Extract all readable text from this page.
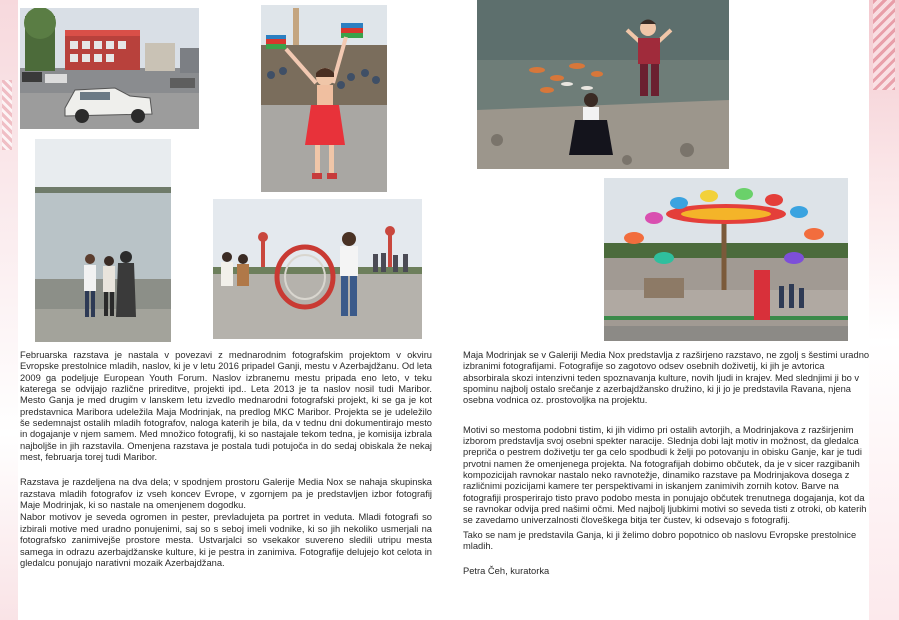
Februarska razstava je nastala v povezavi z mednarodnim fotografskim projektom v okviru Evropske prestolnice mladih, naslov, ki je v letu 2016 pripadel Ganji, mestu v Azerbajdžanu. Od leta 2009 ga podeljuje European Youth Forum. Naslov izbranemu mestu pripada eno leto, v teku katerega se odvijajo različne prireditve, projekti ipd.. Leta 2013 je ta naslov nosil tudi Maribor. Mesto Ganja je med drugim v lanskem letu izvedlo mednarodni fotografski projekt, ki se ga je kot predstavnica Maribora udeležila Maja Modrinjak, na predlog MKC Maribor. Projekta se je udeležilo še sedemnajst ostalih mladih fotografov, naloga katerih je bila, da v tednu dni dokumentirajo mesto in dogajanje v njem samem. Med množico fotografij, ki so nastajale tekom tedna, je komisija izbrala najboljše in jih razstavila. Omenjena razstava je postala tudi potujoča in do sedaj obiskala že nekaj mest, februarja torej tudi Maribor.

Razstava je razdeljena na dva dela; v spodnjem prostoru Galerije Media Nox se nahaja skupinska razstava mladih fotografov iz vseh koncev Evrope, v zgornjem pa je predstavljen izbor fotografij Maje Modrinjak, ki so nastale na omenjenem dogodku.

Nabor motivov je seveda ogromen in pester, prevladujeta pa portret in veduta. Mladi fotografi so izbirali motive med uradno ponujenimi, saj so s seboj imeli vodnike, ki so jih nekoliko usmerjali na fotografsko zanimivejše prostore mesta. Ustvarjalci so vsekakor suvereno sledili utripu mesta samega in odrazu azerbajdžanske kulture, ki je pestra in zanimiva. Fotografije delujejo kot celota in gledalcu ponujajo narativni mozaik Azerbajdžana.

Maja Modrinjak se v Galeriji Media Nox predstavlja z razširjeno razstavo, ne zgolj s šestimi uradno izbranimi fotografijami. Fotografije so zagotovo odsev osebnih doživetij, ki jih je avtorica absorbirala skozi intenzivni teden spoznavanja kulture, novih ljudi in krajev. Med slednjimi ji bo v spominu najbolj ostalo srečanje z azerbajdžansko družino, ki ji jo je predstavila Ravana, njena osebna vodnica oz. prostovoljka na projektu.

Motivi so mestoma podobni tistim, ki jih vidimo pri ostalih avtorjih, a Modrinjakova z razširjenim izborom predstavlja svoj osebni spekter naracije. Slednja dobi lajt motiv in možnost, da gledalca prepriča o pestrem doživetju ter ga celo spodbudi k želji po potovanju in obisku Ganje, kar je tudi prvotni namen že omenjenega projekta. Na fotografijah dobimo občutek, da je v sicer razgibanih kompozicijah ravnokar nastalo neko ravnotežje, dinamiko razstave pa Modrinjakova dosega z različnimi pozicijami kamere ter perspektivami in iskanjem zanimivih zornih kotov. Barve na fotografiji prosperirajo tisto pravo podobo mesta in ponujajo občutek trenutnega dogajanja, kot da se ravnokar odvija pred našimi očmi. Med najbolj ljubkimi motivi so seveda tisti z otroki, ob katerih se zavedamo univerzalnosti človeškega bitja ter čustev, ki odsevajo s fotografij.

Tako se nam je predstavila Ganja, ki ji želimo dobro popotnico ob naslovu Evropske prestolnice mladih.

Petra Čeh, kuratorka
